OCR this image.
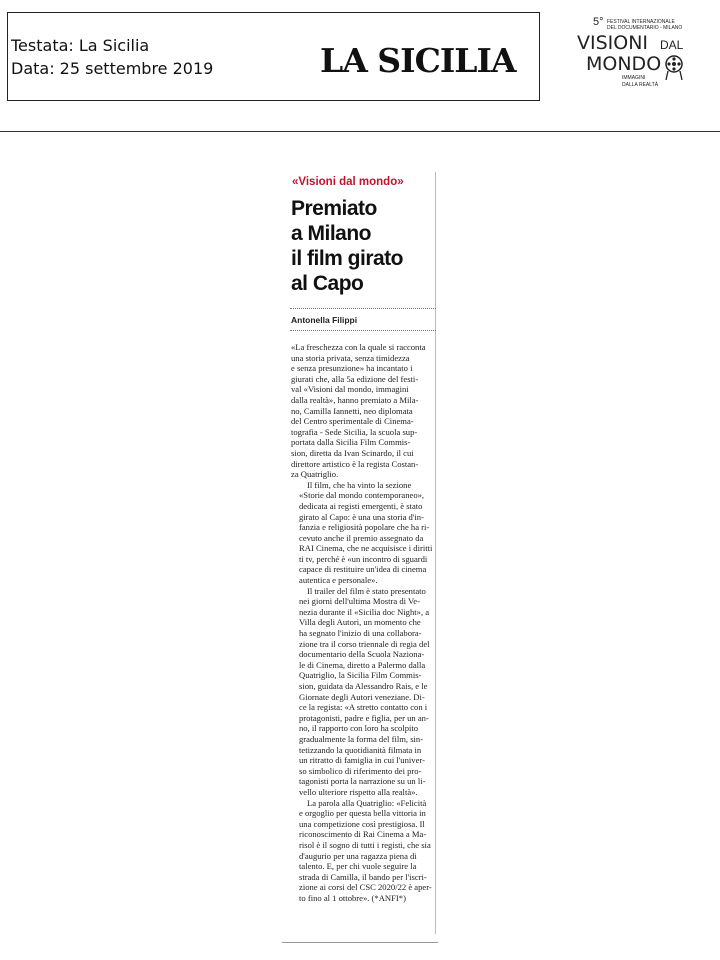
Testata: La Sicilia
Data: 25 settembre 2019	LA SICILIA
5° FESTIVAL INTERNAZIONALE
DEL DOCUMENTARIO - MILANO
VISIONI DAL
MONDO
IMMAGINI
DALLA REALTÀ
«Visioni dal mondo»
Premiato
a Milano
il film girato
al Capo
Antonella Filippi
«La freschezza con la quale si racconta
una storia privata, senza timidezza
e senza presunzione» ha incantato i
giurati che, alla 5a edizione del festi-
val «Visioni dal mondo, immagini
dalla realtà», hanno premiato a Mila-
no, Camilla Iannetti, neo diplomata
del Centro sperimentale di Cinema-
tografia - Sede Sicilia, la scuola sup-
portata dalla Sicilia Film Commis-
sion, diretta da Ivan Scinardo, il cui
direttore artistico è la regista Costan-
za Quatriglio.
Il film, che ha vinto la sezione
«Storie dal mondo contemporaneo»,
dedicata ai registi emergenti, è stato
girato al Capo: è una una storia d'in-
fanzia e religiosità popolare che ha ri-
cevuto anche il premio assegnato da
RAI Cinema, che ne acquisisce i diritti
ti tv, perché è «un incontro di sguardi
capace di restituire un'idea di cinema
autentica e personale».
Il trailer del film è stato presentato
nei giorni dell'ultima Mostra di Ve-
nezia durante il «Sicilia doc Night», a
Villa degli Autori, un momento che
ha segnato l'inizio di una collabora-
zione tra il corso triennale di regia del
documentario della Scuola Naziona-
le di Cinema, diretto a Palermo dalla
Quatriglio, la Sicilia Film Commis-
sion, guidata da Alessandro Rais, e le
Giornate degli Autori veneziane. Di-
ce la regista: «A stretto contatto con i
protagonisti, padre e figlia, per un an-
no, il rapporto con loro ha scolpito
gradualmente la forma del film, sin-
tetizzando la quotidianità filmata in
un ritratto di famiglia in cui l'univer-
so simbolico di riferimento dei pro-
tagonisti porta la narrazione su un li-
vello ulteriore rispetto alla realtà».
La parola alla Quatriglio: «Felicità
e orgoglio per questa bella vittoria in
una competizione così prestigiosa. Il
riconoscimento di Rai Cinema a Ma-
risol è il sogno di tutti i registi, che sia
d'augurio per una ragazza piena di
talento. E, per chi vuole seguire la
strada di Camilla, il bando per l'iscri-
zione ai corsi del CSC 2020/22 è aper-
to fino al 1 ottobre». (*ANFI*)
